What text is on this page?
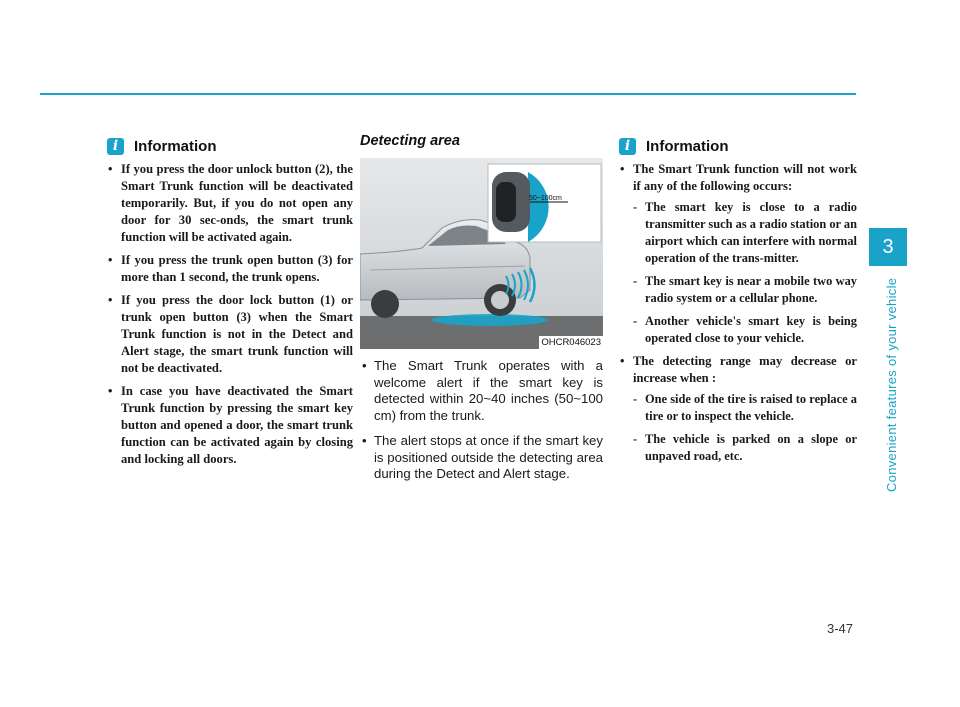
i	Information
• If you press the door unlock button (2), the Smart Trunk function will be deactivated temporarily. But, if you do not open any door for 30 sec-onds, the smart trunk function will be activated again.
• If you press the trunk open button (3) for more than 1 second, the trunk opens.
• If you press the door lock button (1) or trunk open button (3) when the Smart Trunk function is not in the Detect and Alert stage, the smart trunk function will not be deactivated.
• In case you have deactivated the Smart Trunk function by pressing the smart key button and opened a door, the smart trunk function can be activated again by closing and locking all doors.
Detecting area
50~100cm
OHCR046023
• The Smart Trunk operates with a welcome alert if the smart key is detected within 20~40 inches (50~100 cm) from the trunk.
• The alert stops at once if the smart key is positioned outside the detecting area during the Detect and Alert stage.
i	Information
• The Smart Trunk function will not work if any of the following occurs:
- The smart key is close to a radio transmitter such as a radio station or an airport which can interfere with normal operation of the trans-mitter.
- The smart key is near a mobile two way radio system or a cellular phone.
- Another vehicle's smart key is being operated close to your vehicle.
• The detecting range may decrease or increase when :
- One side of the tire is raised to replace a tire or to inspect the vehicle.
- The vehicle is parked on a slope or unpaved road, etc.
3
Convenient features of your vehicle
3-47
